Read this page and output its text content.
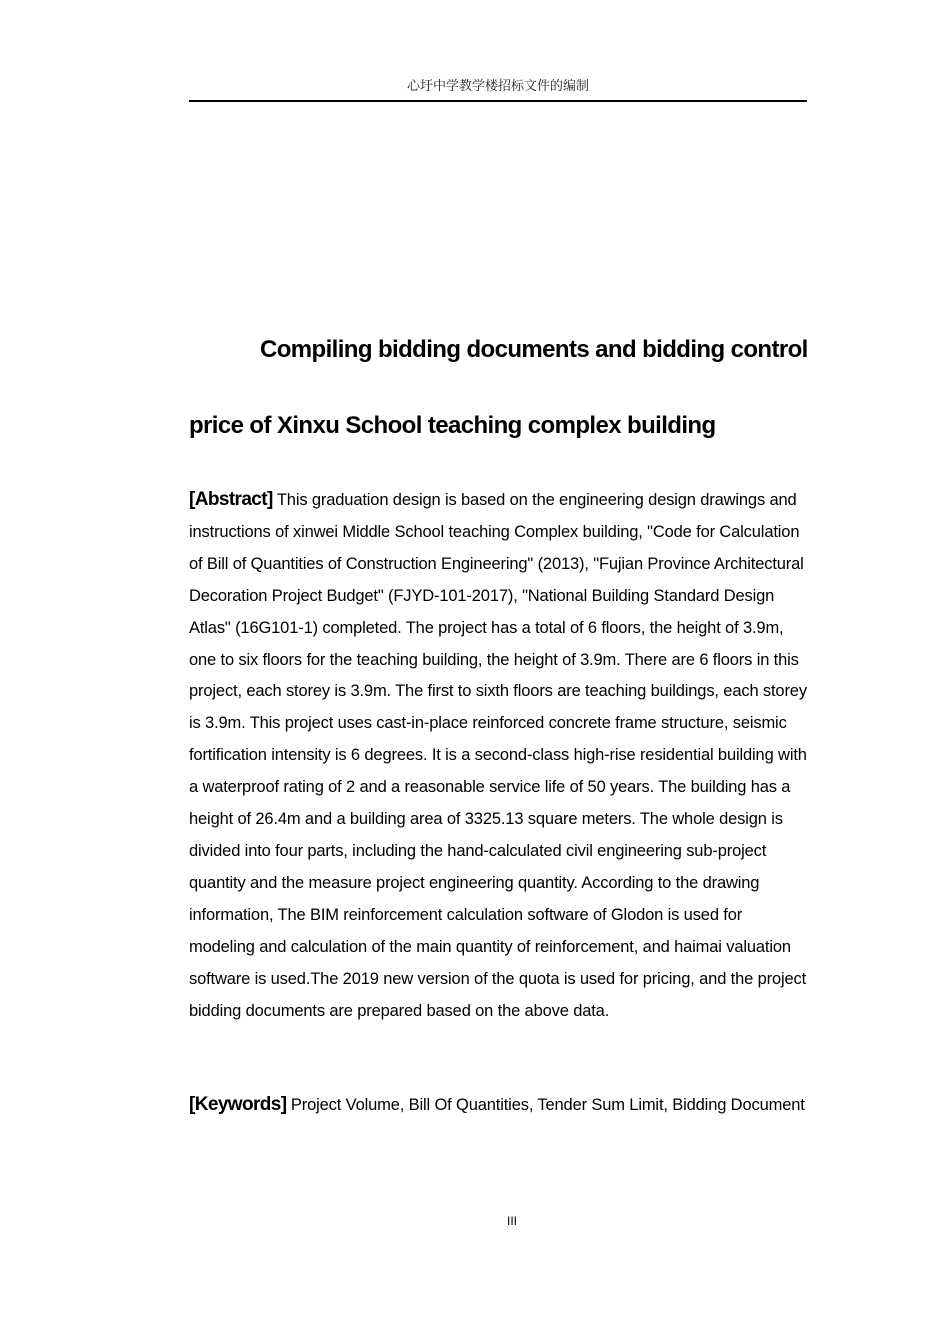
心圩中学教学楼招标文件的编制
Compiling bidding documents and bidding control price of Xinxu School teaching complex building

[Abstract] This graduation design is based on the engineering design drawings and instructions of xinwei Middle School teaching Complex building, "Code for Calculation of Bill of Quantities of Construction Engineering" (2013), "Fujian Province Architectural Decoration Project Budget" (FJYD-101-2017), "National Building Standard Design Atlas" (16G101-1) completed. The project has a total of 6 floors, the height of 3.9m, one to six floors for the teaching building, the height of 3.9m. There are 6 floors in this project, each storey is 3.9m. The first to sixth floors are teaching buildings, each storey is 3.9m. This project uses cast-in-place reinforced concrete frame structure, seismic fortification intensity is 6 degrees. It is a second-class high-rise residential building with a waterproof rating of 2 and a reasonable service life of 50 years. The building has a height of 26.4m and a building area of 3325.13 square meters. The whole design is divided into four parts, including the hand-calculated civil engineering sub-project quantity and the measure project engineering quantity. According to the drawing information, The BIM reinforcement calculation software of Glodon is used for modeling and calculation of the main quantity of reinforcement, and haimai valuation software is used.The 2019 new version of the quota is used for pricing, and the project bidding documents are prepared based on the above data.

[Keywords] Project Volume, Bill Of Quantities, Tender Sum Limit, Bidding Document

III
